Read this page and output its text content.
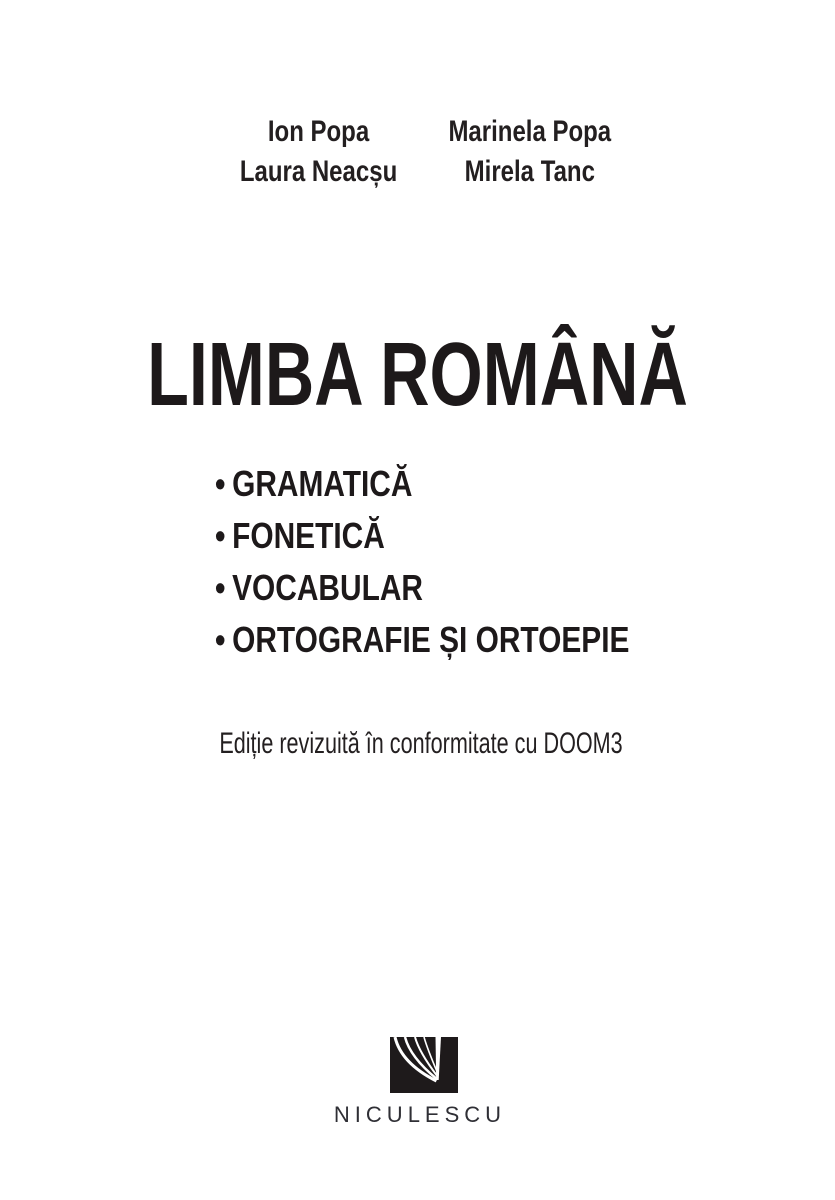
Ion Popa
Laura Neacșu
Marinela Popa
Mirela Tanc
LIMBA ROMÂNĂ
• GRAMATICĂ
• FONETICĂ
• VOCABULAR
• ORTOGRAFIE ȘI ORTOEPIE
Ediție revizuită în conformitate cu DOOM3
NICULESCU
